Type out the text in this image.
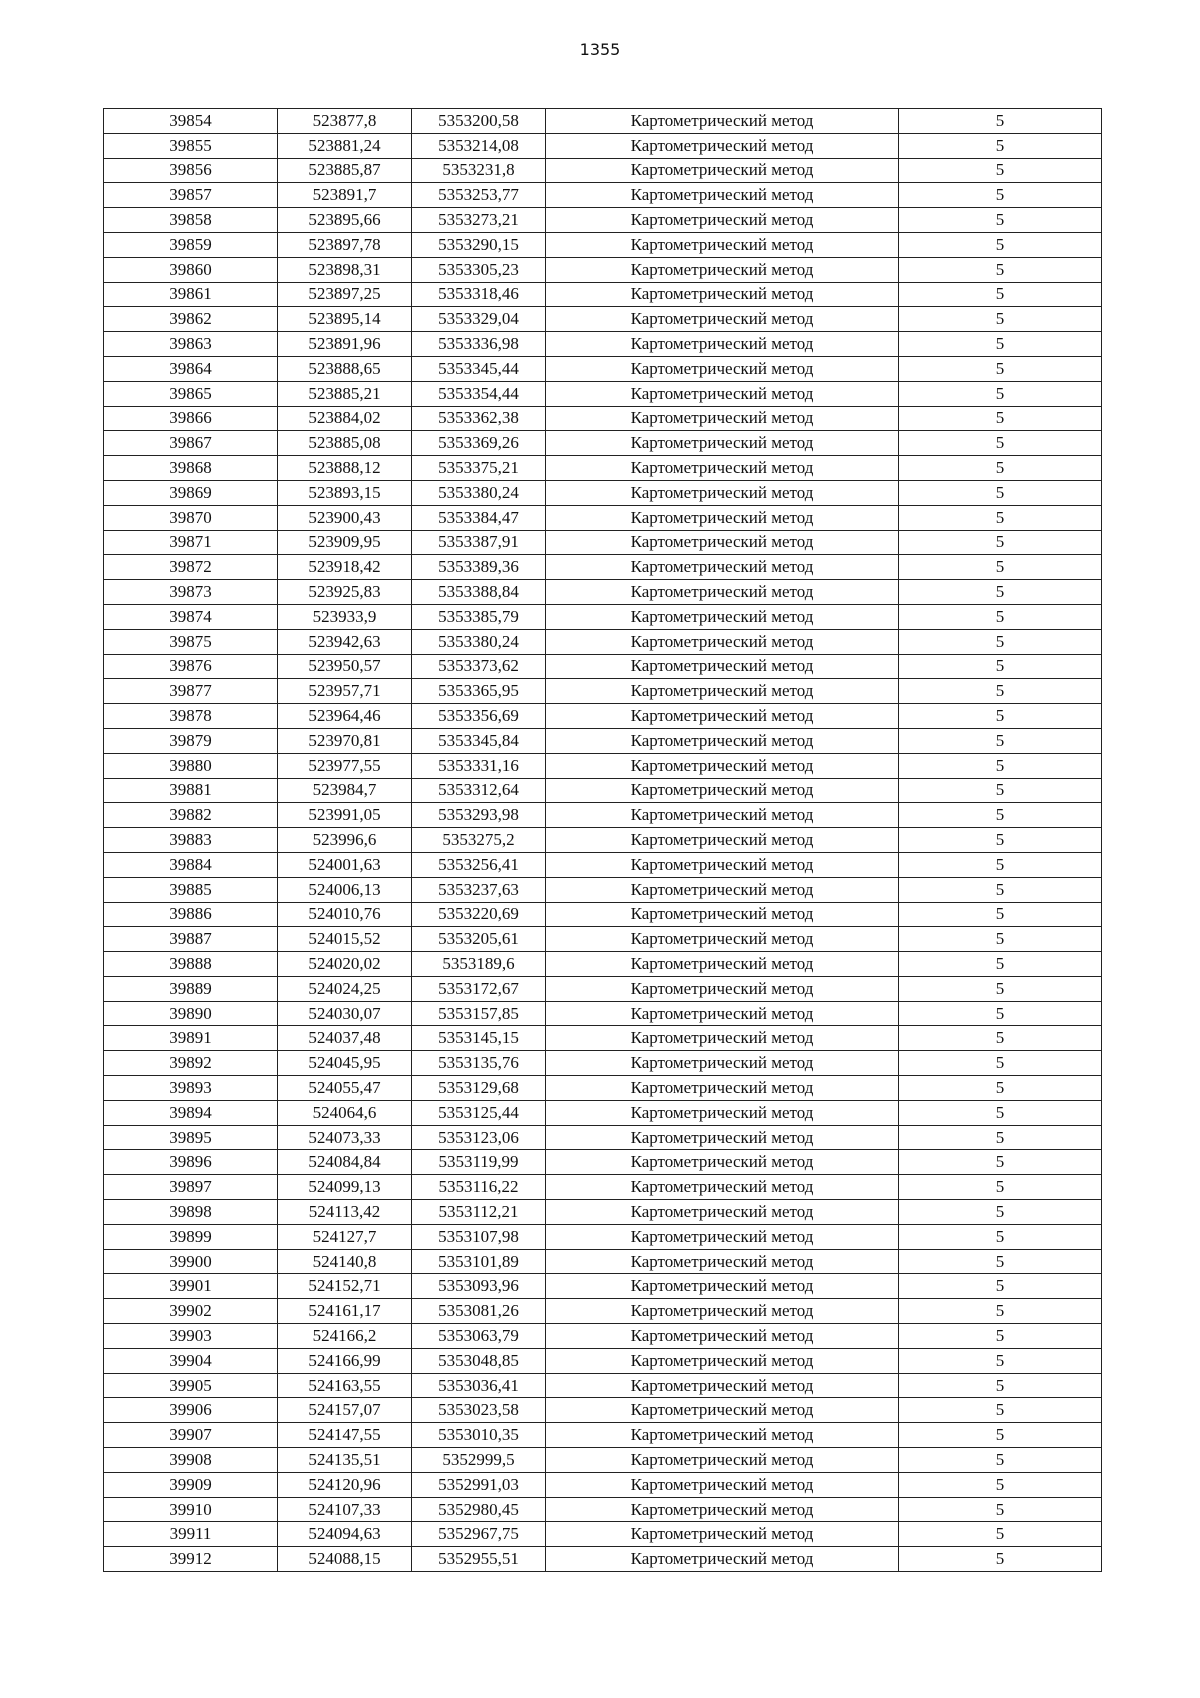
1355
39854	523877,8	5353200,58	Картометрический метод	5
39855	523881,24	5353214,08	Картометрический метод	5
39856	523885,87	5353231,8	Картометрический метод	5
39857	523891,7	5353253,77	Картометрический метод	5
39858	523895,66	5353273,21	Картометрический метод	5
39859	523897,78	5353290,15	Картометрический метод	5
39860	523898,31	5353305,23	Картометрический метод	5
39861	523897,25	5353318,46	Картометрический метод	5
39862	523895,14	5353329,04	Картометрический метод	5
39863	523891,96	5353336,98	Картометрический метод	5
39864	523888,65	5353345,44	Картометрический метод	5
39865	523885,21	5353354,44	Картометрический метод	5
39866	523884,02	5353362,38	Картометрический метод	5
39867	523885,08	5353369,26	Картометрический метод	5
39868	523888,12	5353375,21	Картометрический метод	5
39869	523893,15	5353380,24	Картометрический метод	5
39870	523900,43	5353384,47	Картометрический метод	5
39871	523909,95	5353387,91	Картометрический метод	5
39872	523918,42	5353389,36	Картометрический метод	5
39873	523925,83	5353388,84	Картометрический метод	5
39874	523933,9	5353385,79	Картометрический метод	5
39875	523942,63	5353380,24	Картометрический метод	5
39876	523950,57	5353373,62	Картометрический метод	5
39877	523957,71	5353365,95	Картометрический метод	5
39878	523964,46	5353356,69	Картометрический метод	5
39879	523970,81	5353345,84	Картометрический метод	5
39880	523977,55	5353331,16	Картометрический метод	5
39881	523984,7	5353312,64	Картометрический метод	5
39882	523991,05	5353293,98	Картометрический метод	5
39883	523996,6	5353275,2	Картометрический метод	5
39884	524001,63	5353256,41	Картометрический метод	5
39885	524006,13	5353237,63	Картометрический метод	5
39886	524010,76	5353220,69	Картометрический метод	5
39887	524015,52	5353205,61	Картометрический метод	5
39888	524020,02	5353189,6	Картометрический метод	5
39889	524024,25	5353172,67	Картометрический метод	5
39890	524030,07	5353157,85	Картометрический метод	5
39891	524037,48	5353145,15	Картометрический метод	5
39892	524045,95	5353135,76	Картометрический метод	5
39893	524055,47	5353129,68	Картометрический метод	5
39894	524064,6	5353125,44	Картометрический метод	5
39895	524073,33	5353123,06	Картометрический метод	5
39896	524084,84	5353119,99	Картометрический метод	5
39897	524099,13	5353116,22	Картометрический метод	5
39898	524113,42	5353112,21	Картометрический метод	5
39899	524127,7	5353107,98	Картометрический метод	5
39900	524140,8	5353101,89	Картометрический метод	5
39901	524152,71	5353093,96	Картометрический метод	5
39902	524161,17	5353081,26	Картометрический метод	5
39903	524166,2	5353063,79	Картометрический метод	5
39904	524166,99	5353048,85	Картометрический метод	5
39905	524163,55	5353036,41	Картометрический метод	5
39906	524157,07	5353023,58	Картометрический метод	5
39907	524147,55	5353010,35	Картометрический метод	5
39908	524135,51	5352999,5	Картометрический метод	5
39909	524120,96	5352991,03	Картометрический метод	5
39910	524107,33	5352980,45	Картометрический метод	5
39911	524094,63	5352967,75	Картометрический метод	5
39912	524088,15	5352955,51	Картометрический метод	5
